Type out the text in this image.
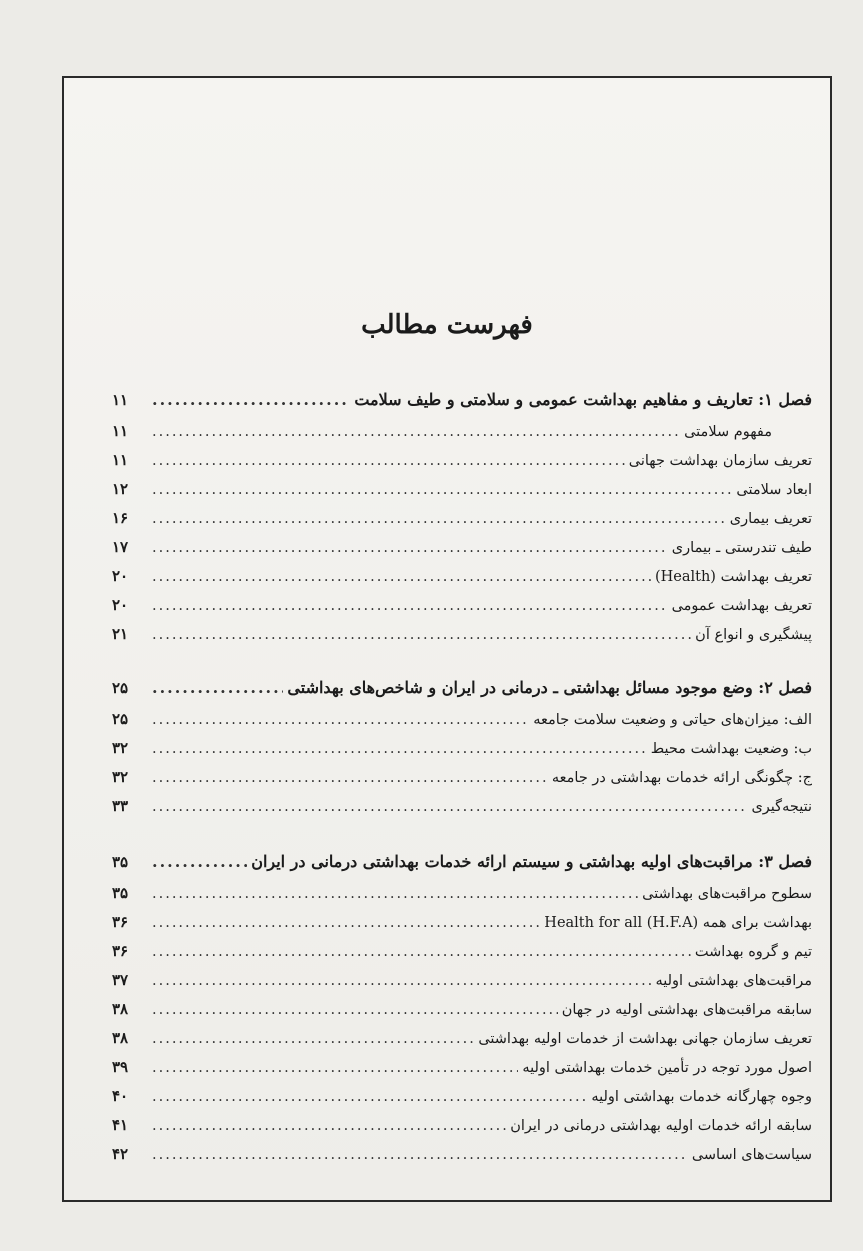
فهرست مطالب
فصل ۱: تعاریف و مفاهیم بهداشت عمومی و سلامتی و طیف سلامت
.....
۱۱
مفهوم سلامتی
.....
۱۱
تعریف سازمان بهداشت جهانی
.....
۱۱
ابعاد سلامتی
.....
۱۲
تعریف بیماری
.....
۱۶
طیف تندرستی ـ بیماری
.....
۱۷
تعریف بهداشت (Health)
.....
۲۰
تعریف بهداشت عمومی
.....
۲۰
پیشگیری و انواع آن
.....
۲۱
فصل ۲: وضع موجود مسائل بهداشتی ـ درمانی در ایران و شاخص‌های بهداشتی
.....
۲۵
الف: میزان‌های حیاتی و وضعیت سلامت جامعه
.....
۲۵
ب: وضعیت بهداشت محیط
.....
۳۲
ج: چگونگی ارائه خدمات بهداشتی در جامعه
.....
۳۲
نتیجه‌گیری
.....
۳۳
فصل ۳: مراقبت‌های اولیه بهداشتی و سیستم ارائه خدمات بهداشتی درمانی در ایران
.....
۳۵
سطوح مراقبت‌های بهداشتی
.....
۳۵
بهداشت برای همه Health for all (H.F.A)
.....
۳۶
تیم و گروه بهداشت
.....
۳۶
مراقبت‌های بهداشتی اولیه
.....
۳۷
سابقه مراقبت‌های بهداشتی اولیه در جهان
.....
۳۸
تعریف سازمان جهانی بهداشت از خدمات اولیه بهداشتی
.....
۳۸
اصول مورد توجه در تأمین خدمات بهداشتی اولیه
.....
۳۹
وجوه چهارگانه خدمات بهداشتی اولیه
.....
۴۰
سابقه ارائه خدمات اولیه بهداشتی درمانی در ایران
.....
۴۱
سیاست‌های اساسی
.....
۴۲
